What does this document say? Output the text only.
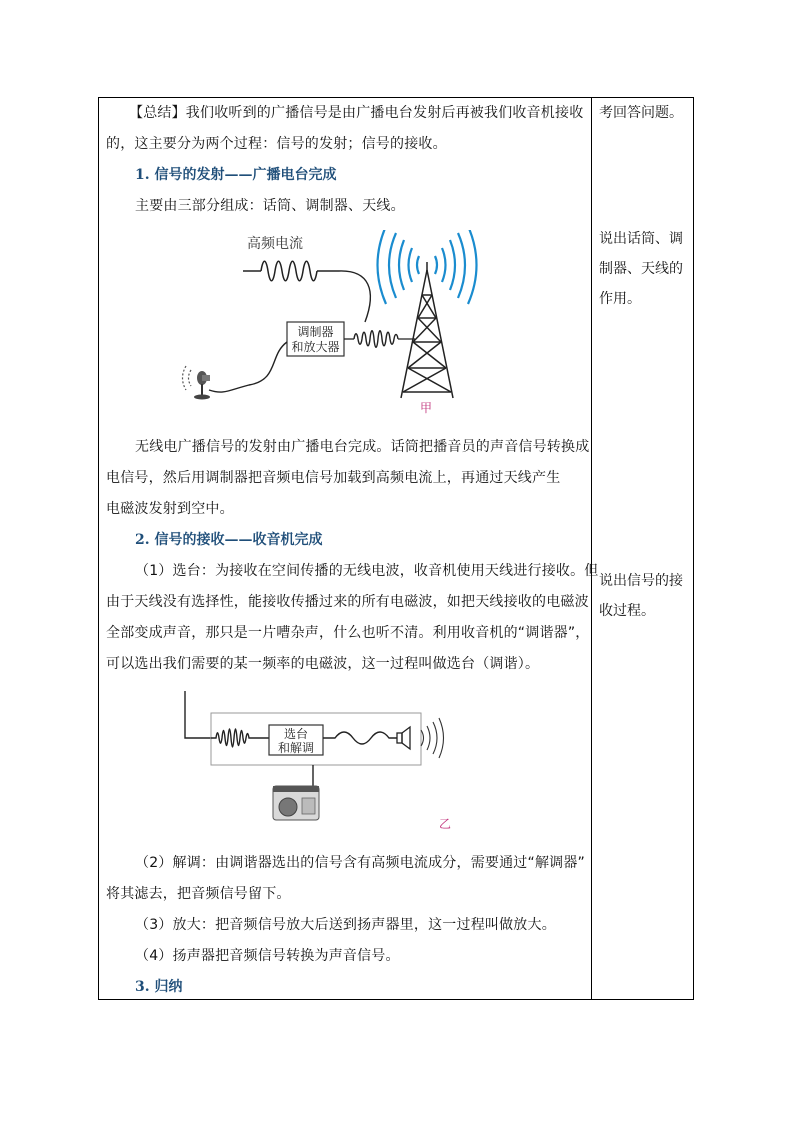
【总结】我们收听到的广播信号是由广播电台发射后再被我们收音机接收
的，这主要分为两个过程：信号的发射；信号的接收。
1. 信号的发射——广播电台完成
主要由三部分组成：话筒、调制器、天线。
高频电流
调制器
和放大器
甲
无线电广播信号的发射由广播电台完成。话筒把播音员的声音信号转换成
电信号，然后用调制器把音频电信号加载到高频电流上，再通过天线产生
电磁波发射到空中。
2. 信号的接收——收音机完成
（1）选台：为接收在空间传播的无线电波，收音机使用天线进行接收。但
由于天线没有选择性，能接收传播过来的所有电磁波，如把天线接收的电磁波
全部变成声音，那只是一片嘈杂声，什么也听不清。利用收音机的“调谐器”，
可以选出我们需要的某一频率的电磁波，这一过程叫做选台（调谐）。
选台
和解调
乙
（2）解调：由调谐器选出的信号含有高频电流成分，需要通过“解调器”
将其滤去，把音频信号留下。
（3）放大：把音频信号放大后送到扬声器里，这一过程叫做放大。
（4）扬声器把音频信号转换为声音信号。
3. 归纳
考回答问题。
说出话筒、调
制器、天线的
作用。
说出信号的接
收过程。
